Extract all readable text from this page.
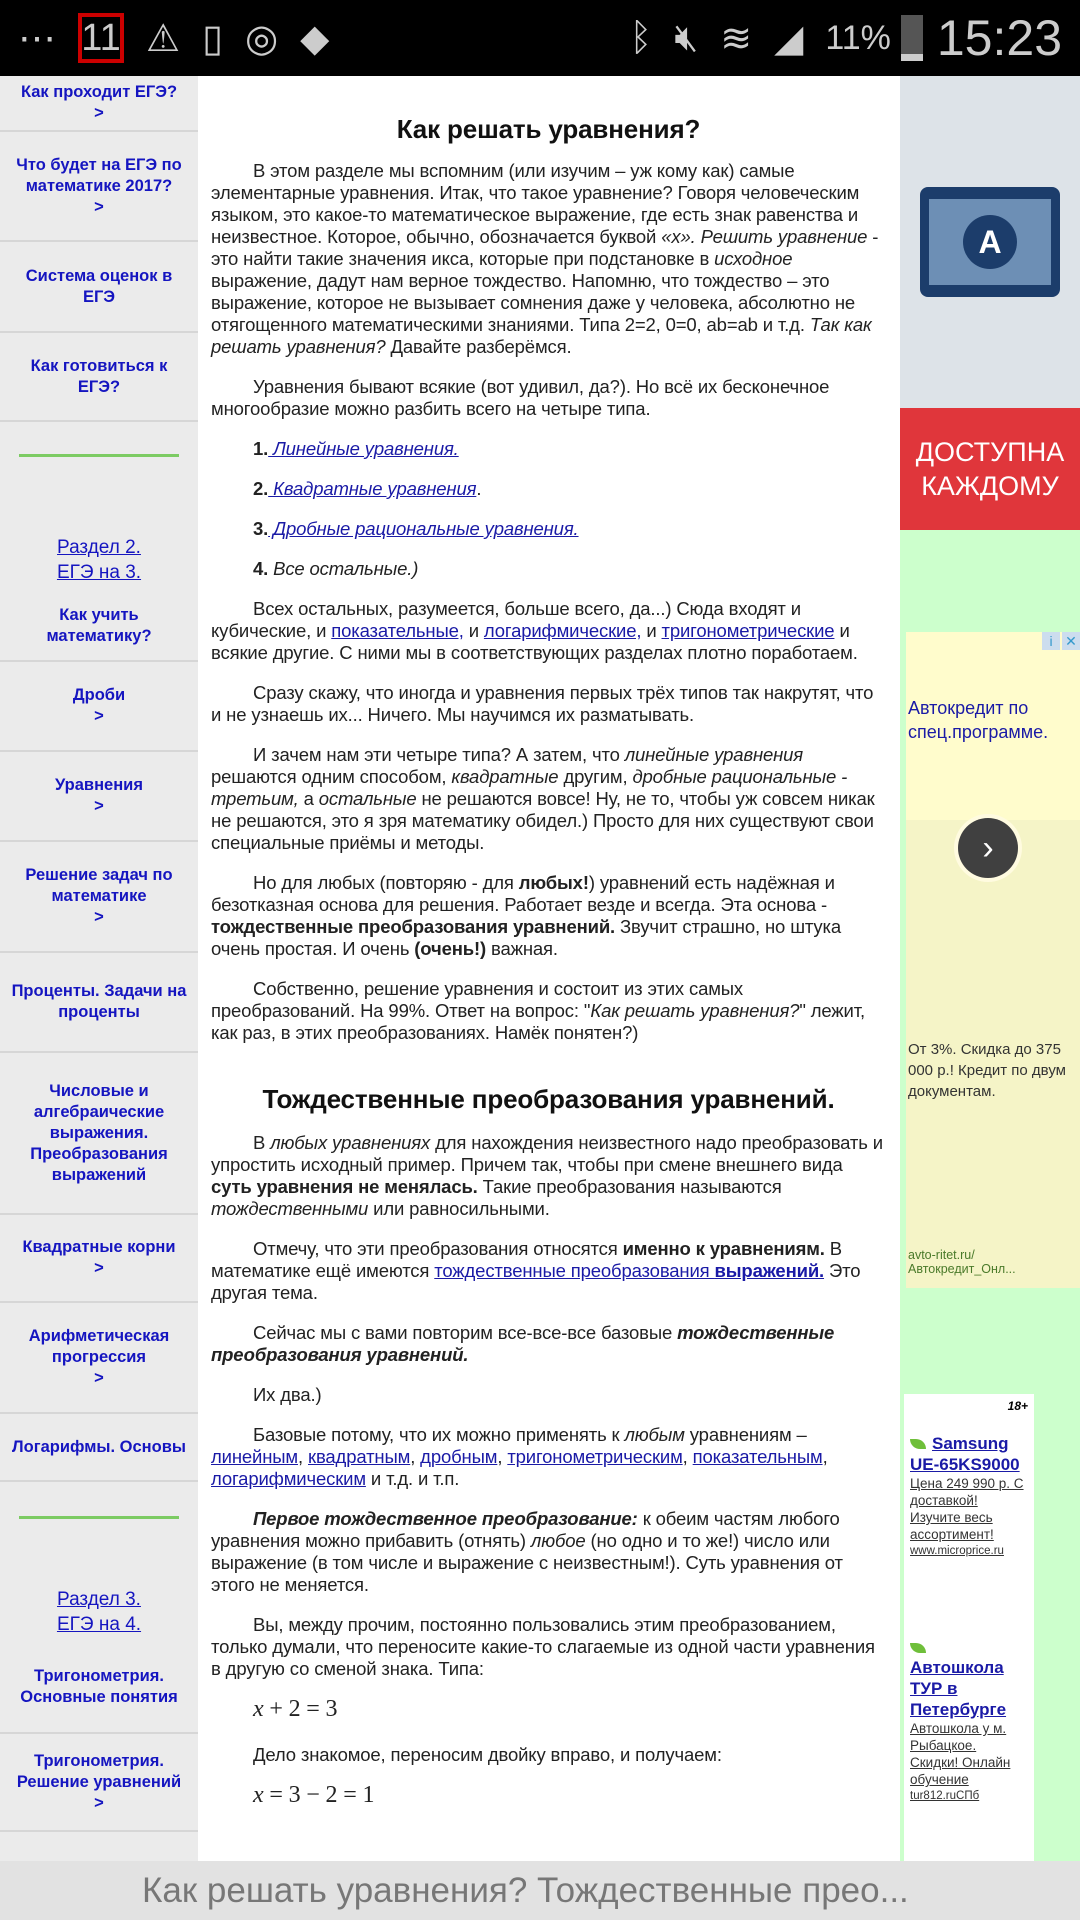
⋯ 11 ⚠ ▯ ◎ ◆	ᛒ 🔇︎ ≋ ◢ 11% 15:23
Как проходит ЕГЭ?
>
Что будет на ЕГЭ по математике 2017?
>
Система оценок в ЕГЭ
Как готовиться к ЕГЭ?
Раздел 2.
ЕГЭ на 3.
Как учить математику?
Дроби
>
Уравнения
>
Решение задач по математике
>
Проценты. Задачи на проценты
Числовые и алгебраические выражения. Преобразования выражений
Квадратные корни
>
Арифметическая прогрессия
>
Логарифмы. Основы
Раздел 3.
ЕГЭ на 4.
Тригонометрия. Основные понятия
Тригонометрия. Решение уравнений
>
Как решать уравнения?

В этом разделе мы вспомним (или изучим – уж кому как) самые элементарные уравнения. Итак, что такое уравнение? Говоря человеческим языком, это какое-то математическое выражение, где есть знак равенства и неизвестное. Которое, обычно, обозначается буквой «х». Решить уравнение - это найти такие значения икса, которые при подстановке в исходное выражение, дадут нам верное тождество. Напомню, что тождество – это выражение, которое не вызывает сомнения даже у человека, абсолютно не отягощенного математическими знаниями. Типа 2=2, 0=0, ab=ab и т.д. Так как решать уравнения? Давайте разберёмся.

Уравнения бывают всякие (вот удивил, да?). Но всё их бесконечное многообразие можно разбить всего на четыре типа.

1. Линейные уравнения.

2. Квадратные уравнения.

3. Дробные рациональные уравнения.

4. Все остальные.)

Всех остальных, разумеется, больше всего, да...) Сюда входят и кубические, и показательные, и логарифмические, и тригонометрические и всякие другие. С ними мы в соответствующих разделах плотно поработаем.

Сразу скажу, что иногда и уравнения первых трёх типов так накрутят, что и не узнаешь их... Ничего. Мы научимся их разматывать.

И зачем нам эти четыре типа? А затем, что линейные уравнения решаются одним способом, квадратные другим, дробные рациональные - третьим, а остальные не решаются вовсе! Ну, не то, чтобы уж совсем никак не решаются, это я зря математику обидел.) Просто для них существуют свои специальные приёмы и методы.

Но для любых (повторяю - для любых!) уравнений есть надёжная и безотказная основа для решения. Работает везде и всегда. Эта основа - тождественные преобразования уравнений. Звучит страшно, но штука очень простая. И очень (очень!) важная.

Собственно, решение уравнения и состоит из этих самых преобразований. На 99%. Ответ на вопрос: "Как решать уравнения?" лежит, как раз, в этих преобразованиях. Намёк понятен?)

Тождественные преобразования уравнений.

В любых уравнениях для нахождения неизвестного надо преобразовать и упростить исходный пример. Причем так, чтобы при смене внешнего вида суть уравнения не менялась. Такие преобразования называются тождественными или равносильными.

Отмечу, что эти преобразования относятся именно к уравнениям. В математике ещё имеются тождественные преобразования выражений. Это другая тема.

Сейчас мы с вами повторим все-все-все базовые тождественные преобразования уравнений.

Их два.)

Базовые потому, что их можно применять к любым уравнениям – линейным, квадратным, дробным, тригонометрическим, показательным, логарифмическим и т.д. и т.п.

Первое тождественное преобразование: к обеим частям любого уравнения можно прибавить (отнять) любое (но одно и то же!) число или выражение (в том числе и выражение с неизвестным!). Суть уравнения от этого не меняется.

Вы, между прочим, постоянно пользовались этим преобразованием, только думали, что переносите какие-то слагаемые из одной части уравнения в другую со сменой знака. Типа:

x + 2 = 3

Дело знакомое, переносим двойку вправо, и получаем:

x = 3 − 2 = 1
A
ДОСТУПНА
КАЖДОМУ
i ✕
Автокредит по спец.программе.
›
От 3%. Скидка до 375 000 р.! Кредит по двум документам.
avto-ritet.ru/Автокредит_Онл...
18+
Samsung UE-65KS9000
Цена 249 990 р. С доставкой! Изучите весь ассортимент!
www.microprice.ru
Автошкола ТУР в Петербурге
Автошкола у м. Рыбацкое. Скидки! Онлайн обучение
tur812.ruСПб
Как решать уравнения? Тождественные прео...
